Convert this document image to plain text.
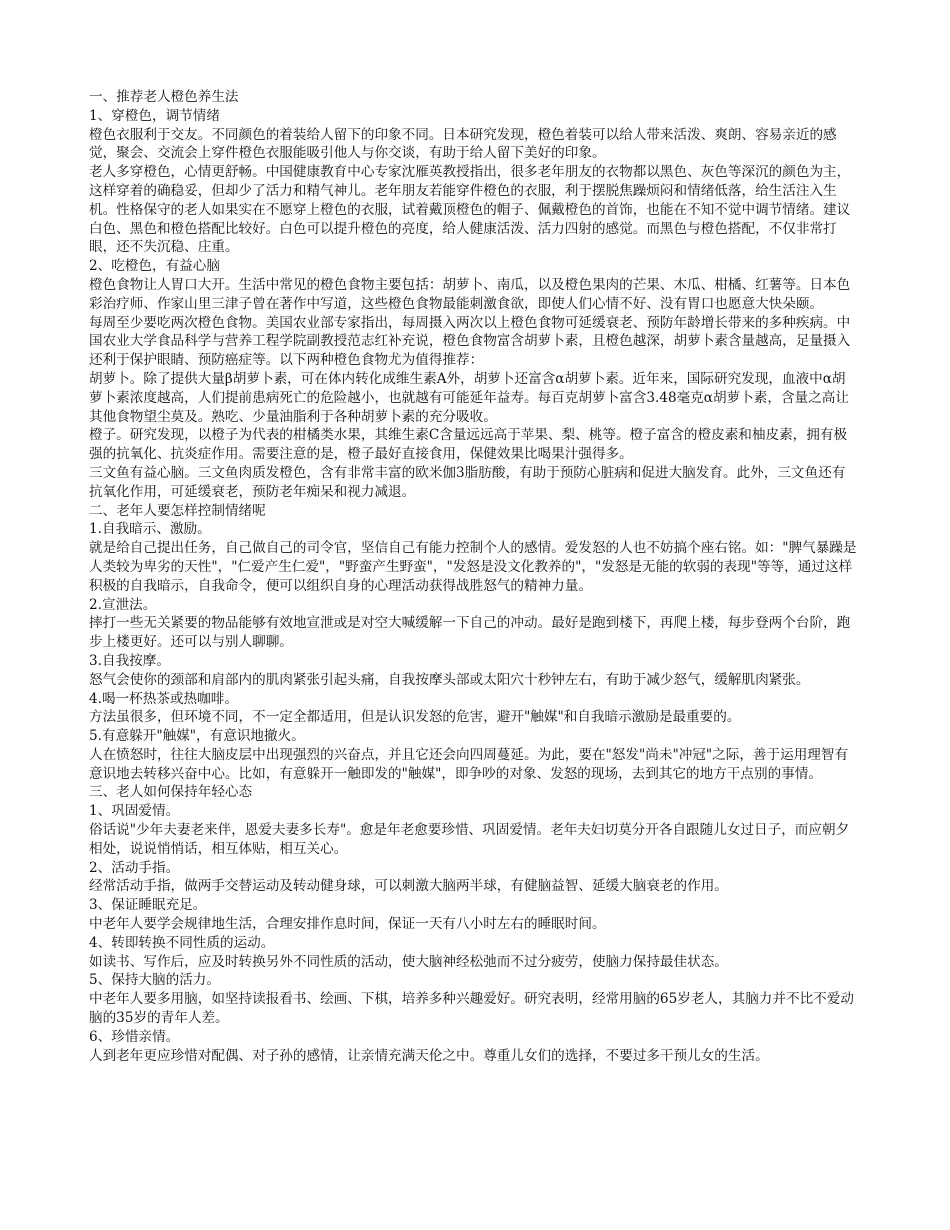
一、推荐老人橙色养生法
1、穿橙色，调节情绪
橙色衣服利于交友。不同颜色的着装给人留下的印象不同。日本研究发现，橙色着装可以给人带来活泼、爽朗、容易亲近的感觉，聚会、交流会上穿件橙色衣服能吸引他人与你交谈，有助于给人留下美好的印象。
老人多穿橙色，心情更舒畅。中国健康教育中心专家沈雁英教授指出，很多老年朋友的衣物都以黑色、灰色等深沉的颜色为主，这样穿着的确稳妥，但却少了活力和精气神儿。老年朋友若能穿件橙色的衣服，利于摆脱焦躁烦闷和情绪低落，给生活注入生机。性格保守的老人如果实在不愿穿上橙色的衣服，试着戴顶橙色的帽子、佩戴橙色的首饰，也能在不知不觉中调节情绪。建议白色、黑色和橙色搭配比较好。白色可以提升橙色的亮度，给人健康活泼、活力四射的感觉。而黑色与橙色搭配，不仅非常打眼，还不失沉稳、庄重。
2、吃橙色，有益心脑
橙色食物让人胃口大开。生活中常见的橙色食物主要包括：胡萝卜、南瓜，以及橙色果肉的芒果、木瓜、柑橘、红薯等。日本色彩治疗师、作家山里三津子曾在著作中写道，这些橙色食物最能刺激食欲，即使人们心情不好、没有胃口也愿意大快朵颐。
每周至少要吃两次橙色食物。美国农业部专家指出，每周摄入两次以上橙色食物可延缓衰老、预防年龄增长带来的多种疾病。中国农业大学食品科学与营养工程学院副教授范志红补充说，橙色食物富含胡萝卜素，且橙色越深，胡萝卜素含量越高，足量摄入还利于保护眼睛、预防癌症等。以下两种橙色食物尤为值得推荐：
胡萝卜。除了提供大量β胡萝卜素，可在体内转化成维生素A外，胡萝卜还富含α胡萝卜素。近年来，国际研究发现，血液中α胡萝卜素浓度越高，人们提前患病死亡的危险越小，也就越有可能延年益寿。每百克胡萝卜富含3.48毫克α胡萝卜素，含量之高让其他食物望尘莫及。熟吃、少量油脂利于各种胡萝卜素的充分吸收。
橙子。研究发现，以橙子为代表的柑橘类水果，其维生素C含量远远高于苹果、梨、桃等。橙子富含的橙皮素和柚皮素，拥有极强的抗氧化、抗炎症作用。需要注意的是，橙子最好直接食用，保健效果比喝果汁强得多。
三文鱼有益心脑。三文鱼肉质发橙色，含有非常丰富的欧米伽3脂肪酸，有助于预防心脏病和促进大脑发育。此外，三文鱼还有抗氧化作用，可延缓衰老，预防老年痴呆和视力减退。
二、老年人要怎样控制情绪呢
1.自我暗示、激励。
就是给自己提出任务，自己做自己的司令官，坚信自己有能力控制个人的感情。爱发怒的人也不妨搞个座右铭。如："脾气暴躁是人类较为卑劣的天性"，"仁爱产生仁爱"，"野蛮产生野蛮"，"发怒是没文化教养的"，"发怒是无能的软弱的表现"等等，通过这样积极的自我暗示，自我命令，便可以组织自身的心理活动获得战胜怒气的精神力量。
2.宣泄法。
摔打一些无关紧要的物品能够有效地宣泄或是对空大喊缓解一下自己的冲动。最好是跑到楼下，再爬上楼，每步登两个台阶，跑步上楼更好。还可以与别人聊聊。
3.自我按摩。
怒气会使你的颈部和肩部内的肌肉紧张引起头痛，自我按摩头部或太阳穴十秒钟左右，有助于减少怒气，缓解肌肉紧张。
4.喝一杯热茶或热咖啡。
方法虽很多，但环境不同，不一定全都适用，但是认识发怒的危害，避开"触媒"和自我暗示激励是最重要的。
5.有意躲开"触媒"，有意识地撤火。
人在愤怒时，往往大脑皮层中出现强烈的兴奋点，并且它还会向四周蔓延。为此，要在"怒发"尚未"冲冠"之际，善于运用理智有意识地去转移兴奋中心。比如，有意躲开一触即发的"触媒"，即争吵的对象、发怒的现场，去到其它的地方干点别的事情。
三、老人如何保持年轻心态
1、巩固爱情。
俗话说"少年夫妻老来伴，恩爱夫妻多长寿"。愈是年老愈要珍惜、巩固爱情。老年夫妇切莫分开各自跟随儿女过日子，而应朝夕相处，说说悄悄话，相互体贴，相互关心。
2、活动手指。
经常活动手指，做两手交替运动及转动健身球，可以刺激大脑两半球，有健脑益智、延缓大脑衰老的作用。
3、保证睡眠充足。
中老年人要学会规律地生活，合理安排作息时间，保证一天有八小时左右的睡眠时间。
4、转即转换不同性质的运动。
如读书、写作后，应及时转换另外不同性质的活动，使大脑神经松弛而不过分疲劳，使脑力保持最佳状态。
5、保持大脑的活力。
中老年人要多用脑，如坚持读报看书、绘画、下棋，培养多种兴趣爱好。研究表明，经常用脑的65岁老人，其脑力并不比不爱动脑的35岁的青年人差。
6、珍惜亲情。
人到老年更应珍惜对配偶、对子孙的感情，让亲情充满天伦之中。尊重儿女们的选择，不要过多干预儿女的生活。
